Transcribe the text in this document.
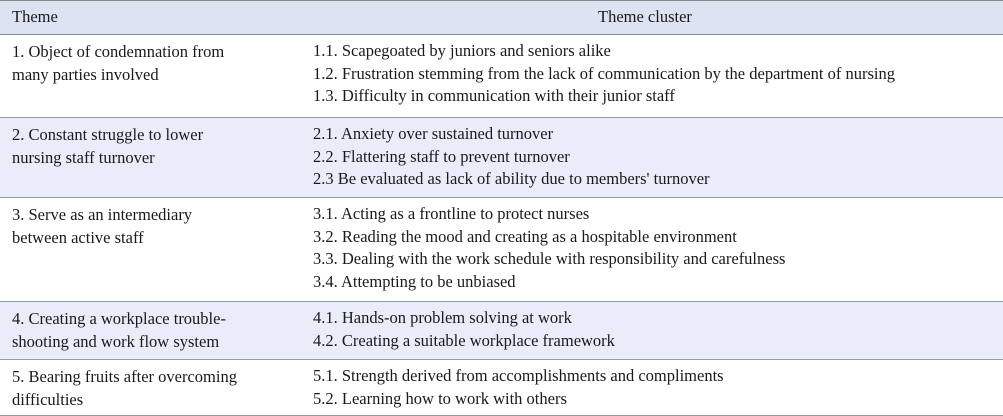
Theme	Theme cluster
1. Object of condemnation from
many parties involved
1.1. Scapegoated by juniors and seniors alike
1.2. Frustration stemming from the lack of communication by the department of nursing
1.3. Difficulty in communication with their junior staff
2. Constant struggle to lower
nursing staff turnover
2.1. Anxiety over sustained turnover
2.2. Flattering staff to prevent turnover
2.3 Be evaluated as lack of ability due to members' turnover
3. Serve as an intermediary
between active staff
3.1. Acting as a frontline to protect nurses
3.2. Reading the mood and creating as a hospitable environment
3.3. Dealing with the work schedule with responsibility and carefulness
3.4. Attempting to be unbiased
4. Creating a workplace trouble-
shooting and work flow system
4.1. Hands-on problem solving at work
4.2. Creating a suitable workplace framework
5. Bearing fruits after overcoming
difficulties
5.1. Strength derived from accomplishments and compliments
5.2. Learning how to work with others
